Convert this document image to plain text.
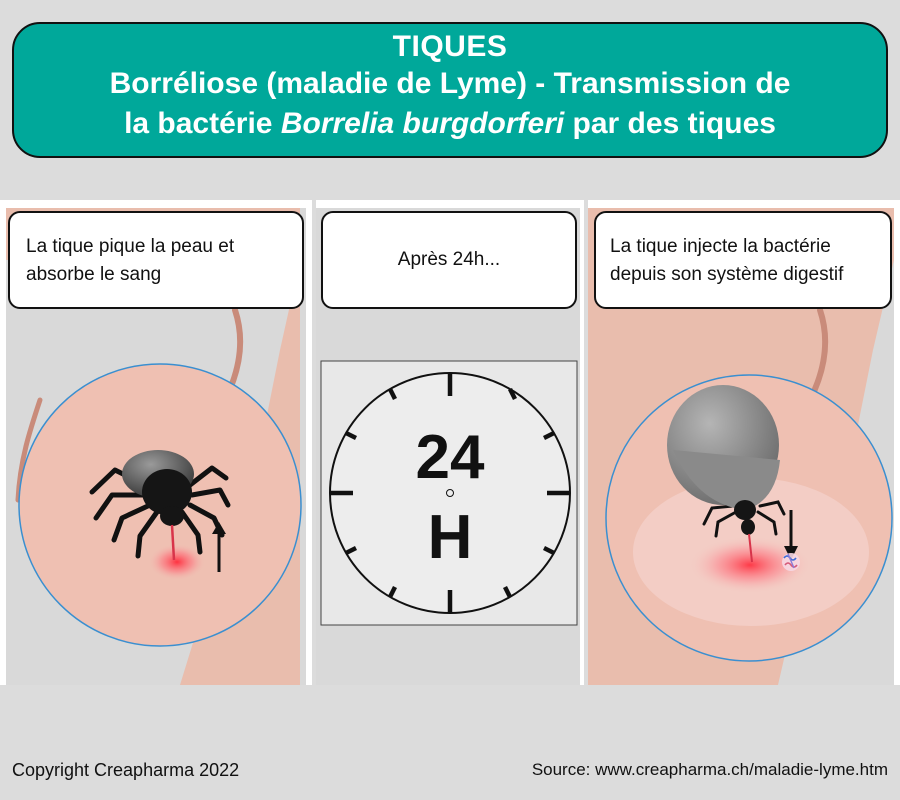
TIQUES
Borréliose (maladie de Lyme) - Transmission de
la bactérie Borrelia burgdorferi par des tiques
La tique pique la peau et absorbe le sang
24
H
Après 24h...
La tique injecte la bactérie depuis son système digestif
Copyright Creapharma 2022	Source: www.creapharma.ch/maladie-lyme.htm
